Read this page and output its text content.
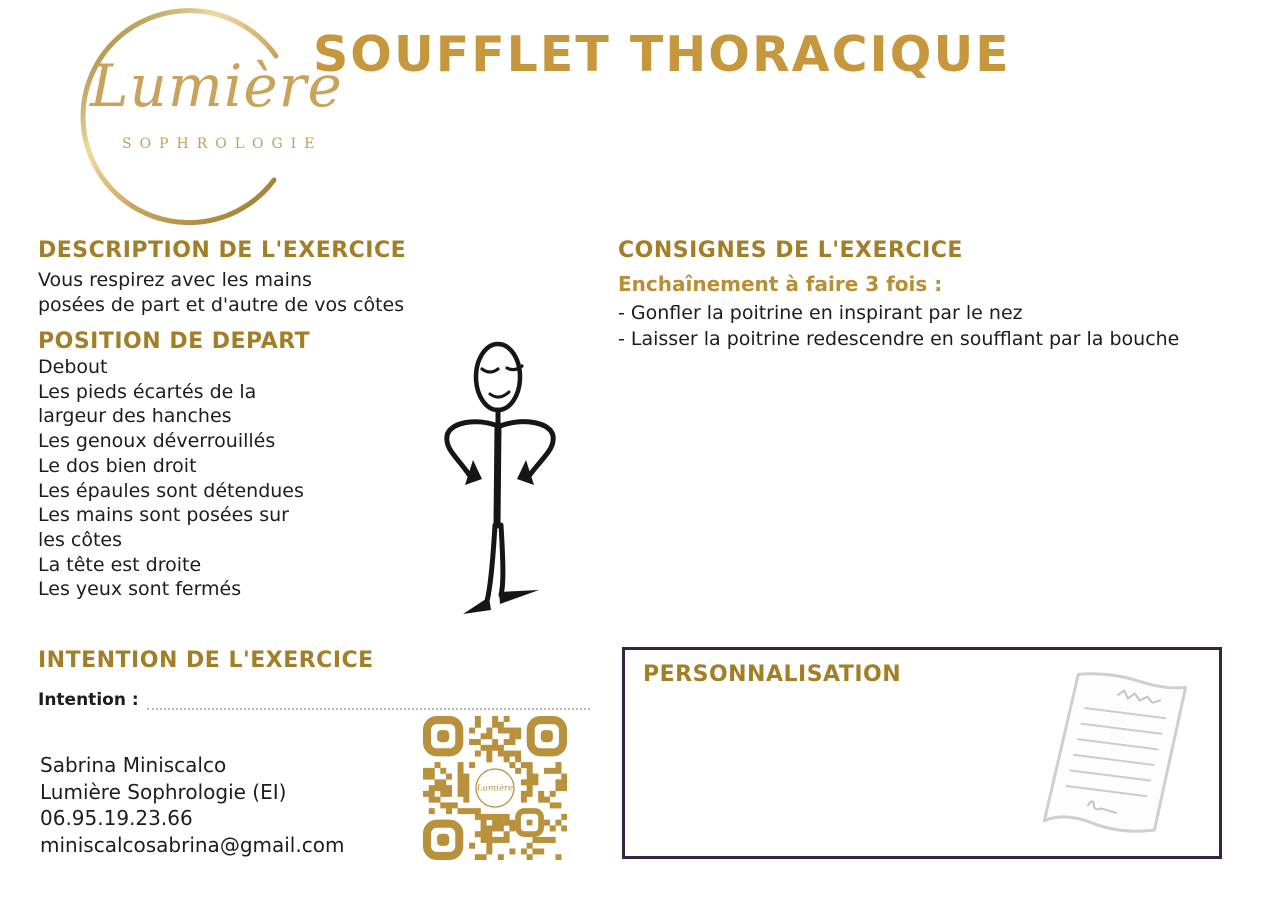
Lumière
SOPHROLOGIE
SOUFFLET THORACIQUE
DESCRIPTION DE L'EXERCICE
Vous respirez avec les mains
posées de part et d'autre de vos côtes
POSITION DE DEPART
Debout
Les pieds écartés de la
largeur des hanches
Les genoux déverrouillés
Le dos bien droit
Les épaules sont détendues
Les mains sont posées sur
les côtes
La tête est droite
Les yeux sont fermés
CONSIGNES DE L'EXERCICE
Enchaînement à faire 3 fois :
- Gonfler la poitrine en inspirant par le nez
- Laisser la poitrine redescendre en soufflant par la bouche
INTENTION DE L'EXERCICE
Intention :
Sabrina Miniscalco
Lumière Sophrologie (EI)
06.95.19.23.66
miniscalcosabrina@gmail.com
Lumière
PERSONNALISATION
